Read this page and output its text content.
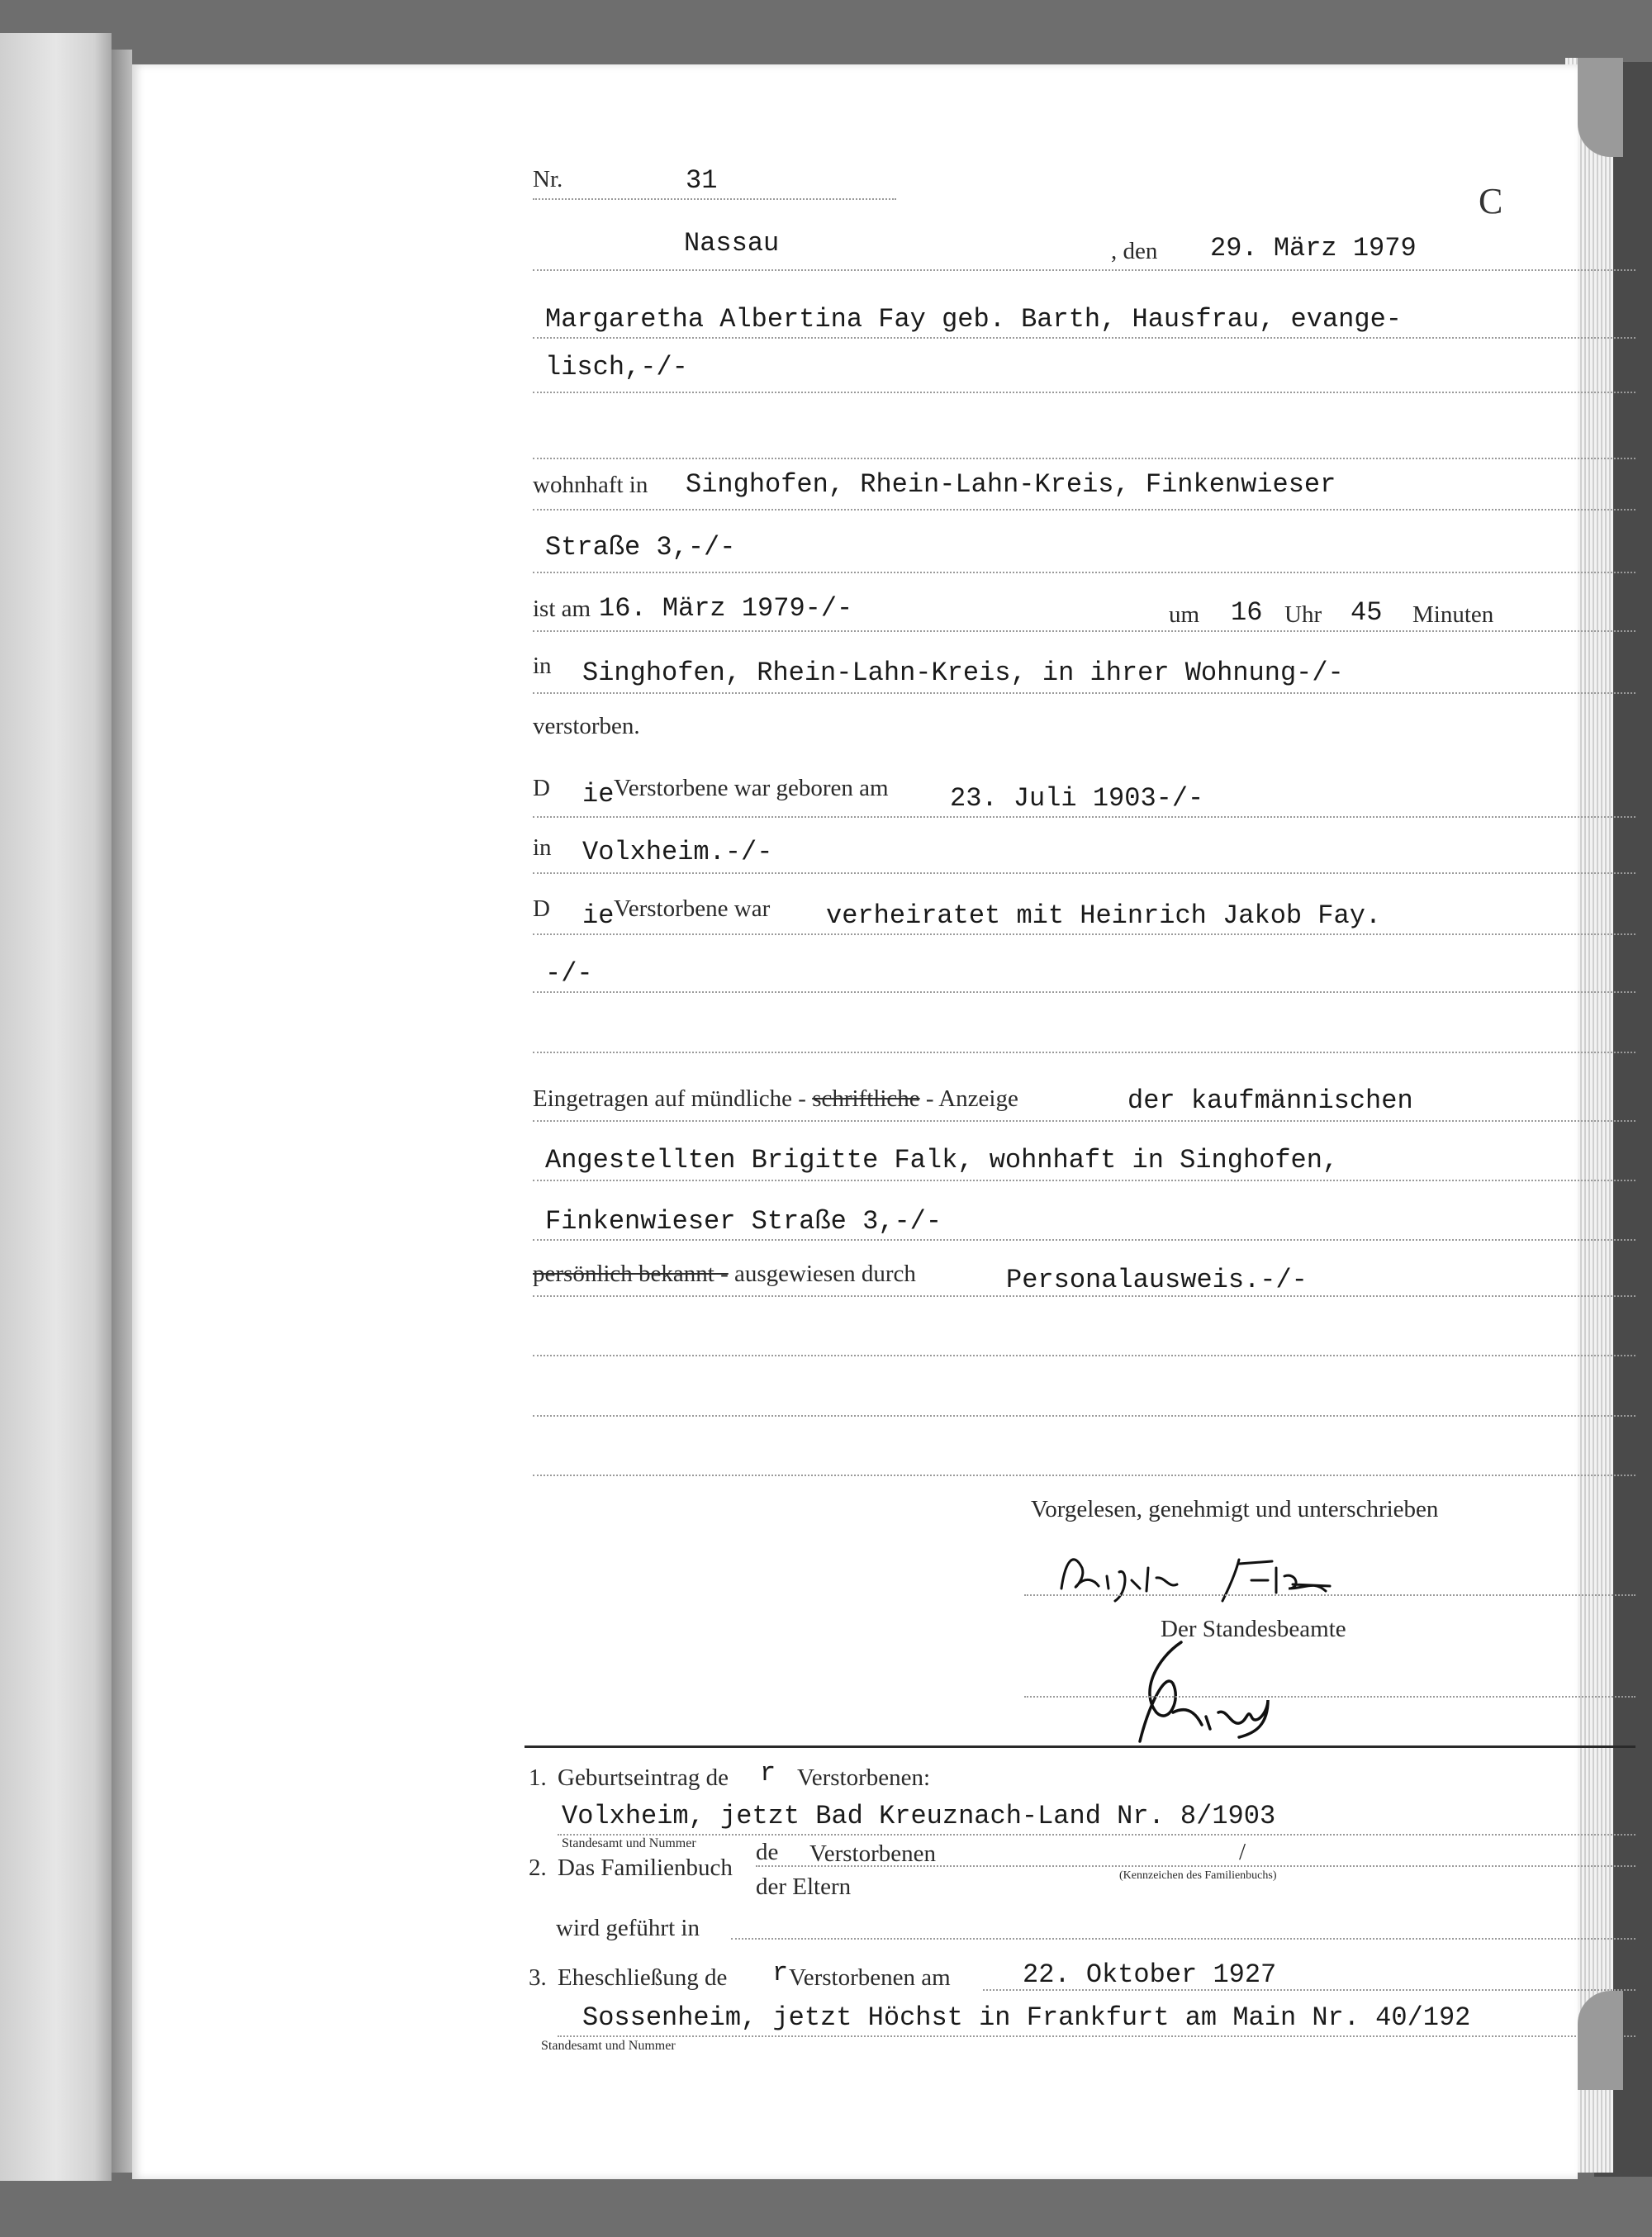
Nr.	31
C
Nassau	, den 29. März 1979
Margaretha Albertina Fay geb. Barth, Hausfrau, evange-
lisch,-/-
wohnhaft in Singhofen, Rhein-Lahn-Kreis, Finkenwieser
Straße 3,-/-
ist am 16. März 1979-/-	um 16 Uhr 45 Minuten
in Singhofen, Rhein-Lahn-Kreis, in ihrer Wohnung-/-
verstorben.
D ie Verstorbene war geboren am 23. Juli 1903-/-
in Volxheim.-/-
D ie Verstorbene war verheiratet mit Heinrich Jakob Fay.
-/-
Eingetragen auf mündliche - schriftliche - Anzeige	der kaufmännischen
Angestellten Brigitte Falk, wohnhaft in Singhofen,
Finkenwieser Straße 3,-/-
persönlich bekannt - ausgewiesen durch	Personalausweis.-/-
Vorgelesen, genehmigt und unterschrieben
Der Standesbeamte
1. Geburtseintrag de r Verstorbenen:
Volxheim, jetzt Bad Kreuznach-Land Nr. 8/1903
Standesamt und Nummer
2. Das Familienbuch
de Verstorbenen
der Eltern
/
(Kennzeichen des Familienbuchs)
wird geführt in
3. Eheschließung de r Verstorbenen am	22. Oktober 1927
Sossenheim, jetzt Höchst in Frankfurt am Main Nr. 40/192
Standesamt und Nummer
